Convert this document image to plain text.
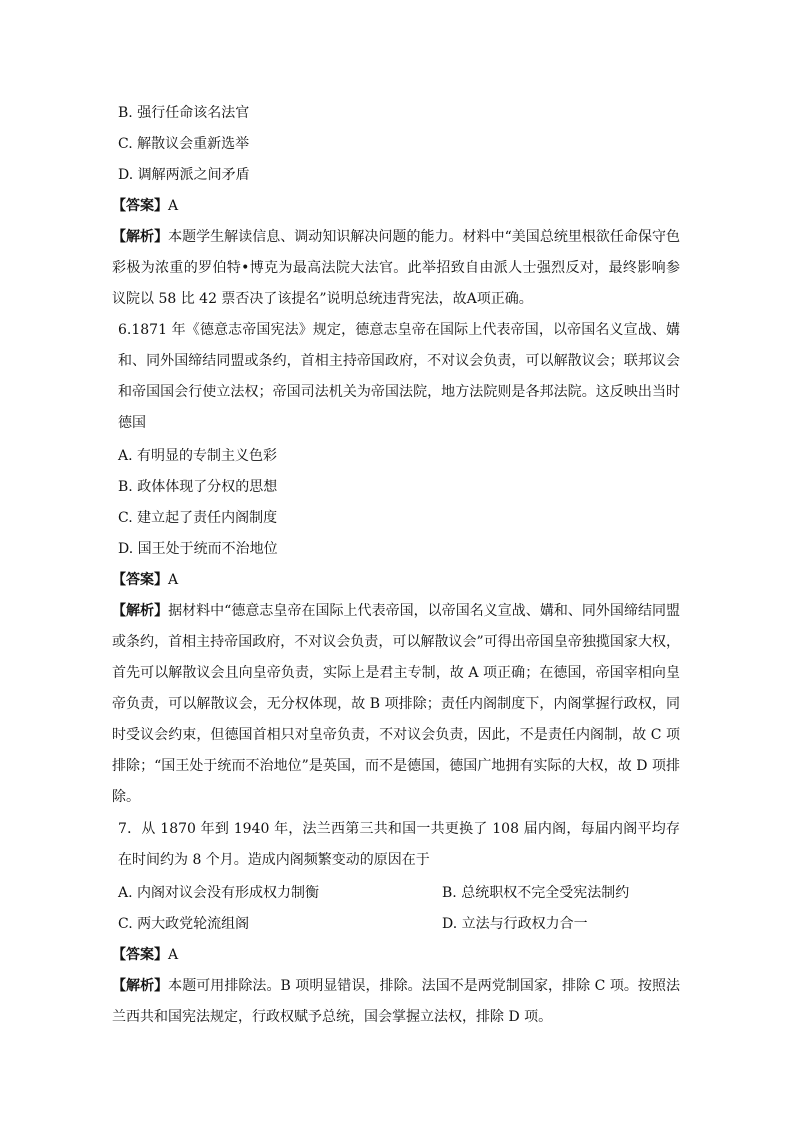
B. 强行任命该名法官
C. 解散议会重新选举
D. 调解两派之间矛盾
【答案】A
【解析】本题学生解读信息、调动知识解决问题的能力。材料中“美国总统里根欲任命保守色彩极为浓重的罗伯特•博克为最高法院大法官。此举招致自由派人士强烈反对，最终影响参议院以 58 比 42 票否决了该提名”说明总统违背宪法，故A项正确。
6.1871 年《德意志帝国宪法》规定，德意志皇帝在国际上代表帝国，以帝国名义宣战、媾和、同外国缔结同盟或条约，首相主持帝国政府，不对议会负责，可以解散议会；联邦议会和帝国国会行使立法权；帝国司法机关为帝国法院，地方法院则是各邦法院。这反映出当时德国
A. 有明显的专制主义色彩
B. 政体体现了分权的思想
C. 建立起了责任内阁制度
D. 国王处于统而不治地位
【答案】A
【解析】据材料中“德意志皇帝在国际上代表帝国，以帝国名义宣战、媾和、同外国缔结同盟或条约，首相主持帝国政府，不对议会负责，可以解散议会”可得出帝国皇帝独揽国家大权，首先可以解散议会且向皇帝负责，实际上是君主专制，故 A 项正确；在德国，帝国宰相向皇帝负责，可以解散议会，无分权体现，故 B 项排除；责任内阁制度下，内阁掌握行政权，同时受议会约束，但德国首相只对皇帝负责，不对议会负责，因此，不是责任内阁制，故 C 项排除；“国王处于统而不治地位”是英国，而不是德国，德国广地拥有实际的大权，故 D 项排除。
7．从 1870 年到 1940 年，法兰西第三共和国一共更换了 108 届内阁，每届内阁平均存在时间约为 8 个月。造成内阁频繁变动的原因在于
A. 内阁对议会没有形成权力制衡	B. 总统职权不完全受宪法制约
C. 两大政党轮流组阁	D. 立法与行政权力合一
【答案】A
【解析】本题可用排除法。B 项明显错误，排除。法国不是两党制国家，排除 C 项。按照法兰西共和国宪法规定，行政权赋予总统，国会掌握立法权，排除 D 项。
